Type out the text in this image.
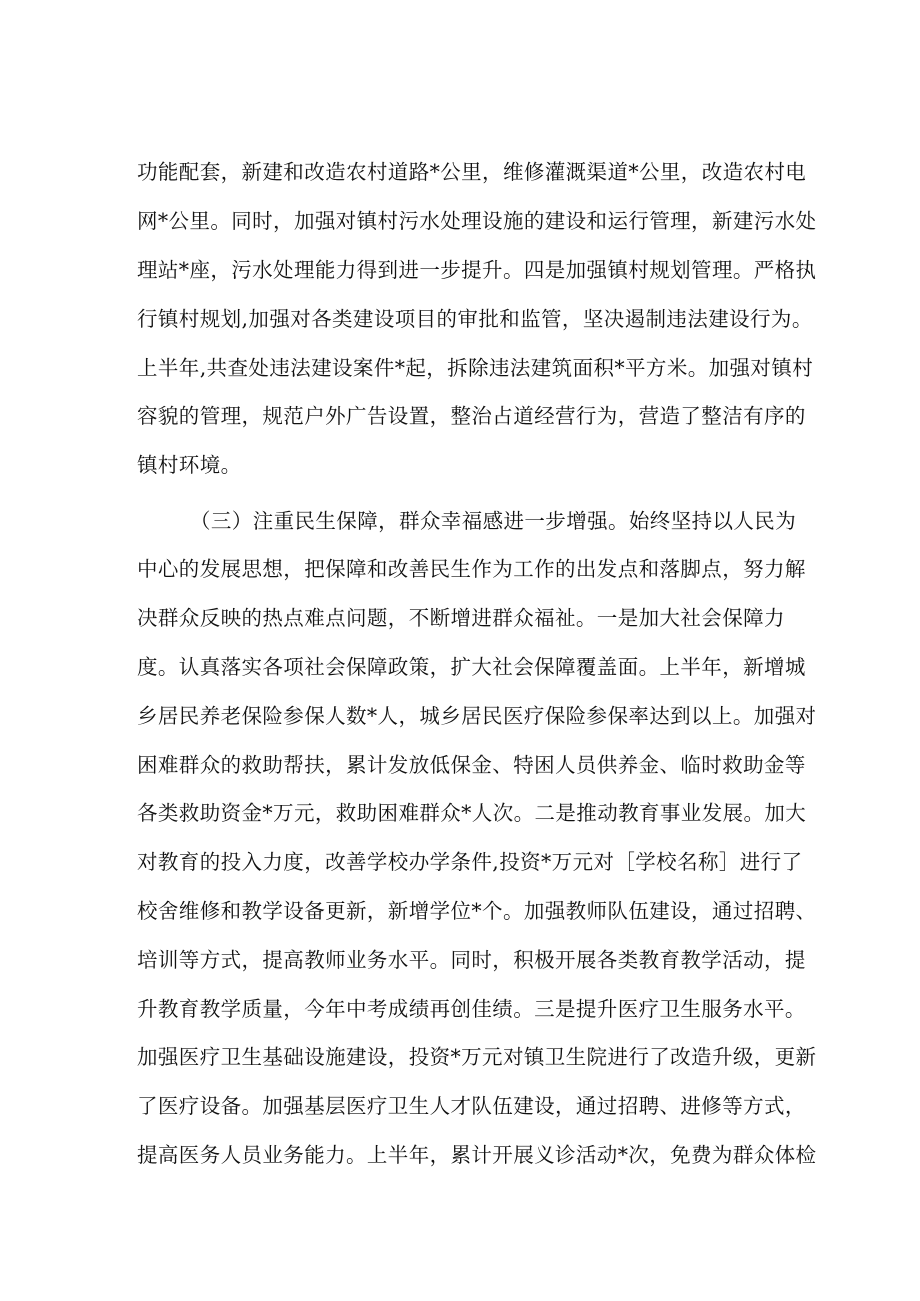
功能配套，新建和改造农村道路*公里，维修灌溉渠道*公里，改造农村电
网*公里。同时，加强对镇村污水处理设施的建设和运行管理，新建污水处
理站*座，污水处理能力得到进一步提升。四是加强镇村规划管理。严格执
行镇村规划,加强对各类建设项目的审批和监管，坚决遏制违法建设行为。
上半年,共查处违法建设案件*起，拆除违法建筑面积*平方米。加强对镇村
容貌的管理，规范户外广告设置，整治占道经营行为，营造了整洁有序的
镇村环境。
（三）注重民生保障，群众幸福感进一步增强。始终坚持以人民为
中心的发展思想，把保障和改善民生作为工作的出发点和落脚点，努力解
决群众反映的热点难点问题，不断增进群众福祉。一是加大社会保障力
度。认真落实各项社会保障政策，扩大社会保障覆盖面。上半年，新增城
乡居民养老保险参保人数*人，城乡居民医疗保险参保率达到以上。加强对
困难群众的救助帮扶，累计发放低保金、特困人员供养金、临时救助金等
各类救助资金*万元，救助困难群众*人次。二是推动教育事业发展。加大
对教育的投入力度，改善学校办学条件,投资*万元对［学校名称］进行了
校舍维修和教学设备更新，新增学位*个。加强教师队伍建设，通过招聘、
培训等方式，提高教师业务水平。同时，积极开展各类教育教学活动，提
升教育教学质量，今年中考成绩再创佳绩。三是提升医疗卫生服务水平。
加强医疗卫生基础设施建设，投资*万元对镇卫生院进行了改造升级，更新
了医疗设备。加强基层医疗卫生人才队伍建设，通过招聘、进修等方式，
提高医务人员业务能力。上半年，累计开展义诊活动*次，免费为群众体检
